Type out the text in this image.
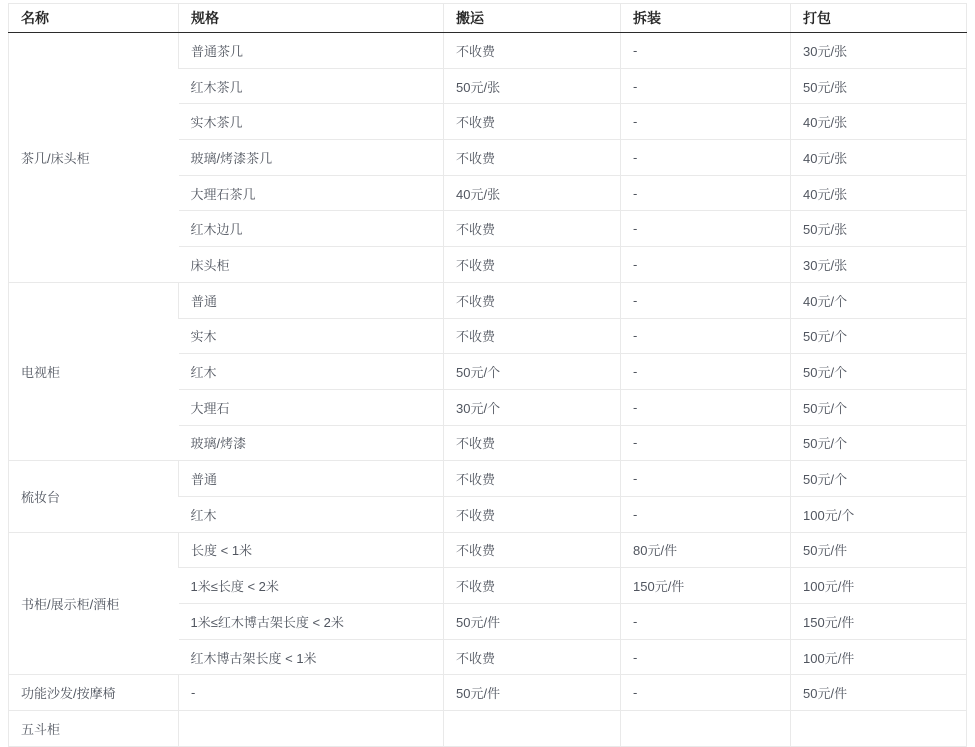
名称	规格	搬运	拆装	打包
茶几/床头柜	普通茶几	不收费	-	30元/张
	红木茶几	50元/张	-	50元/张
	实木茶几	不收费	-	40元/张
	玻璃/烤漆茶几	不收费	-	40元/张
	大理石茶几	40元/张	-	40元/张
	红木边几	不收费	-	50元/张
	床头柜	不收费	-	30元/张
电视柜	普通	不收费	-	40元/个
	实木	不收费	-	50元/个
	红木	50元/个	-	50元/个
	大理石	30元/个	-	50元/个
	玻璃/烤漆	不收费	-	50元/个
梳妆台	普通	不收费	-	50元/个
	红木	不收费	-	100元/个
书柜/展示柜/酒柜	长度 < 1米	不收费	80元/件	50元/件
	1米≤长度 < 2米	不收费	150元/件	100元/件
	1米≤红木博古架长度 < 2米	50元/件	-	150元/件
	红木博古架长度 < 1米	不收费	-	100元/件
功能沙发/按摩椅	-	50元/件	-	50元/件
五斗柜				
